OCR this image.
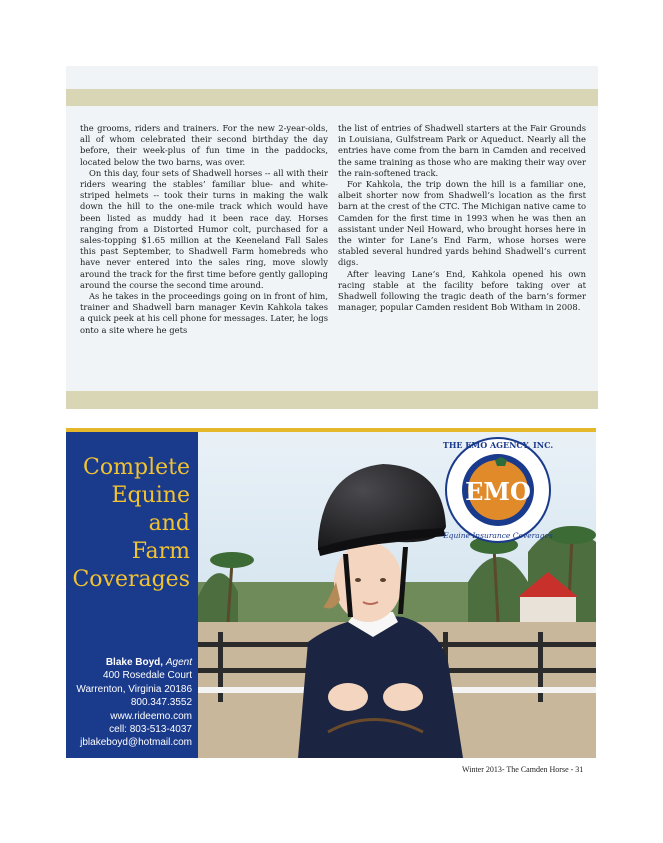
the grooms, riders and trainers. For the new 2-year-olds, all of whom celebrated their second birthday the day before, their week-plus of fun time in the paddocks, located below the two barns, was over.

On this day, four sets of Shadwell horses -- all with their riders wearing the stables’ familiar blue- and white-striped helmets -- took their turns in making the walk down the hill to the one-mile track which would have been listed as muddy had it been race day. Horses ranging from a Distorted Humor colt, purchased for a sales-topping $1.65 million at the Keeneland Fall Sales this past September, to Shadwell Farm homebreds who have never entered into the sales ring, move slowly around the track for the first time before gently galloping around the course the second time around.

As he takes in the proceedings going on in front of him, trainer and Shadwell barn manager Kevin Kahkola takes a quick peek at his cell phone for messages. Later, he logs onto a site where he gets

the list of entries of Shadwell starters at the Fair Grounds in Louisiana, Gulfstream Park or Aqueduct. Nearly all the entries have come from the barn in Camden and received the same training as those who are making their way over the rain-softened track.

For Kahkola, the trip down the hill is a familiar one, albeit shorter now from Shadwell’s location as the first barn at the crest of the CTC. The Michigan native came to Camden for the first time in 1993 when he was then an assistant under Neil Howard, who brought horses here in the winter for Lane’s End Farm, whose horses were stabled several hundred yards behind Shadwell’s current digs.

After leaving Lane’s End, Kahkola opened his own racing stable at the facility before taking over at Shadwell following the tragic death of the barn’s former manager, popular Camden resident Bob Witham in 2008.

Complete
Equine
and
Farm
Coverages
Blake Boyd, Agent
400 Rosedale Court
Warrenton, Virginia 20186
800.347.3552
www.rideemo.com
cell: 803-513-4037
jblakeboyd@hotmail.com
EMO
THE EMO AGENCY, INC.
Equine Insurance Coverages
Winter 2013- The Camden Horse - 31
